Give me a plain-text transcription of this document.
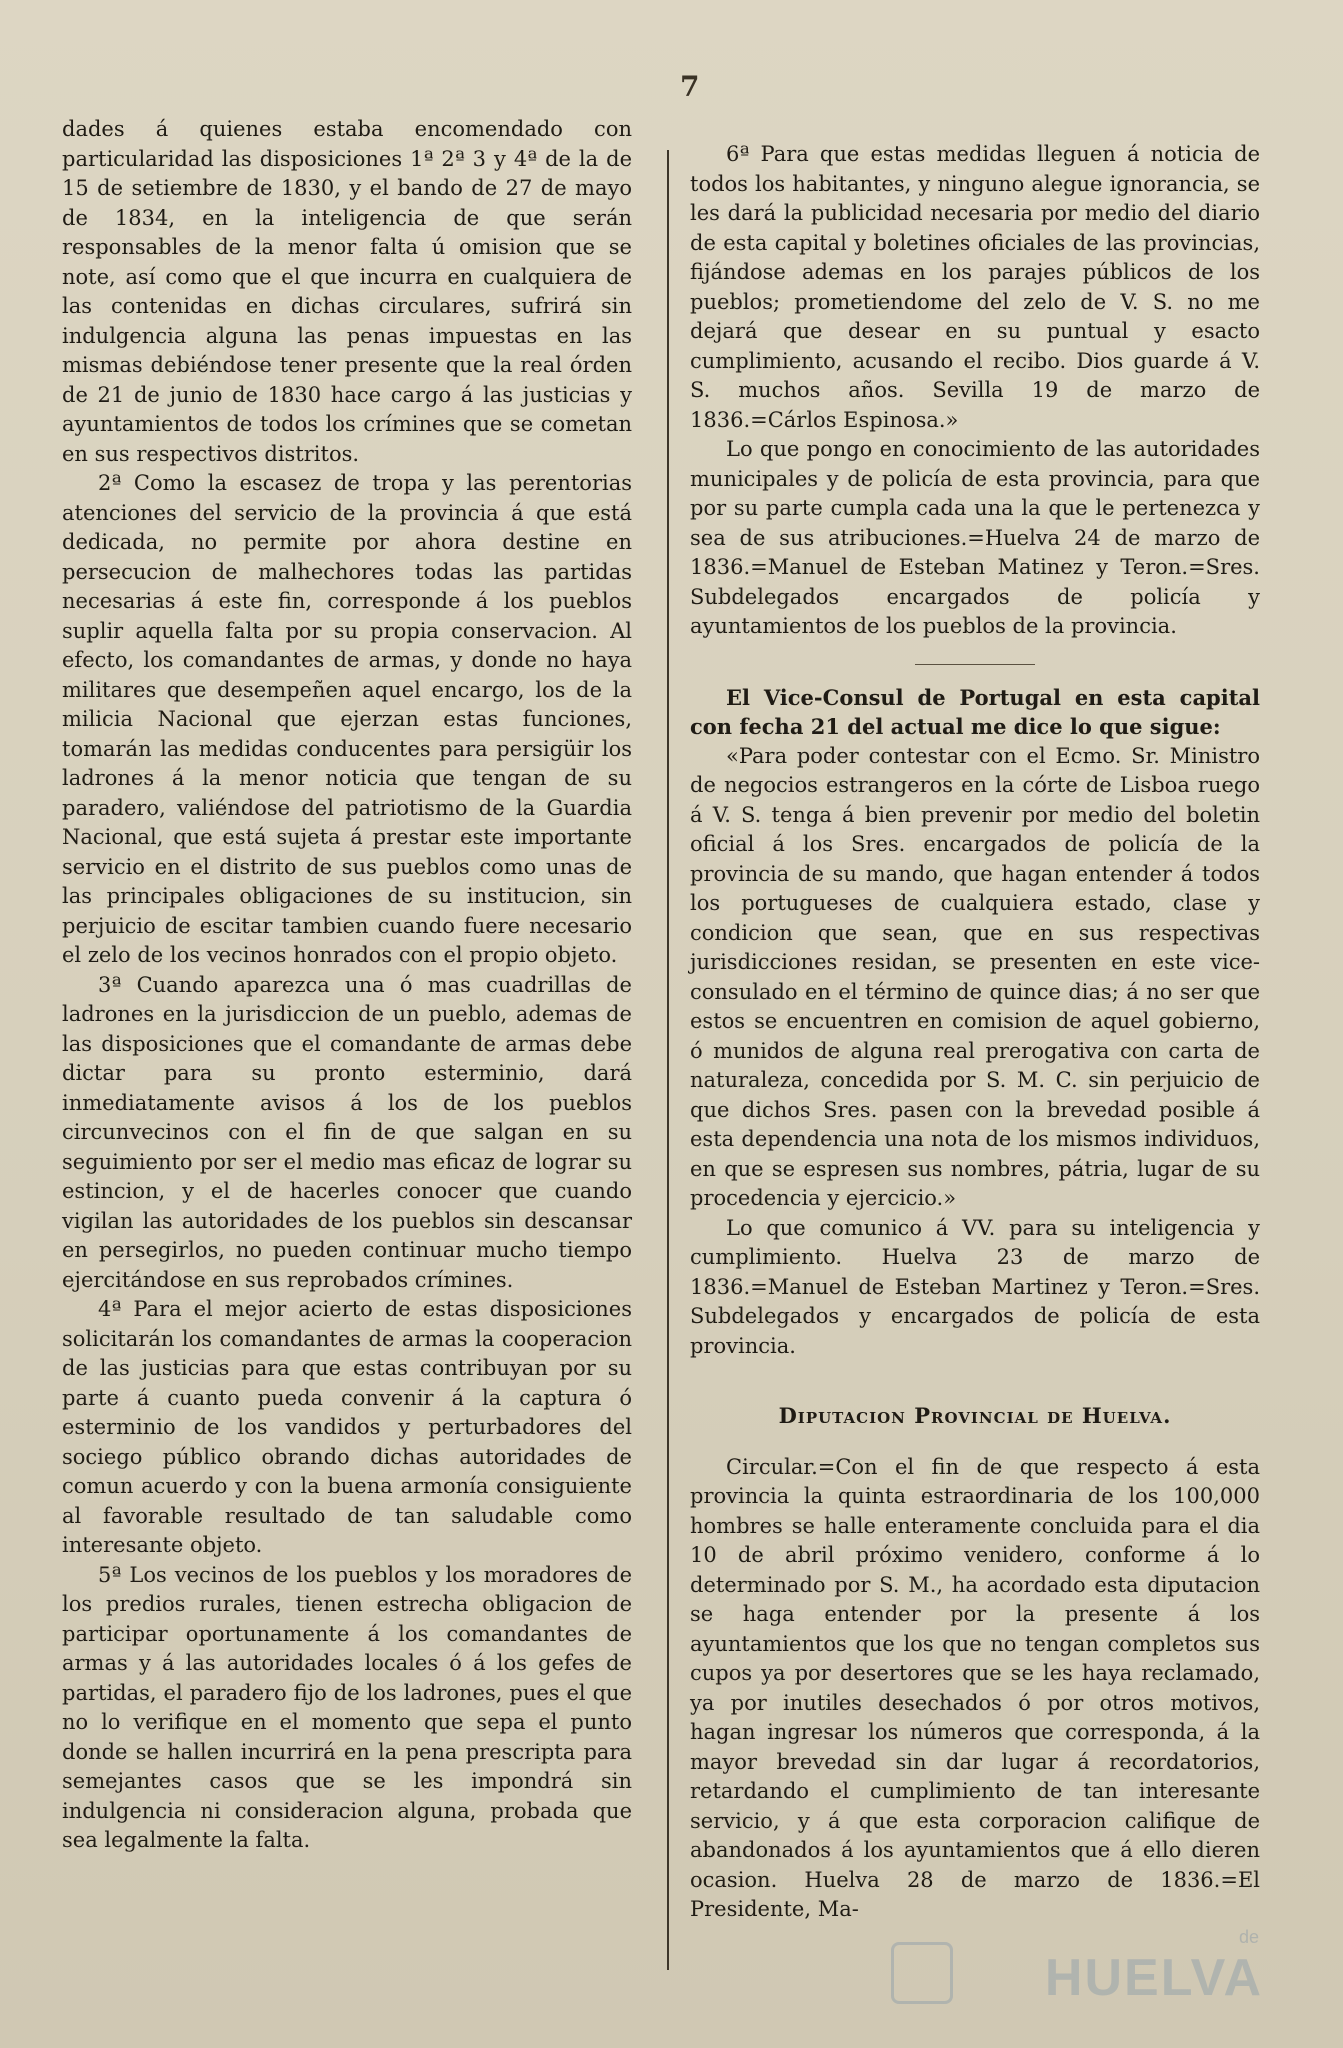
7

dades á quienes estaba encomendado con particularidad las disposiciones 1ª 2ª 3 y 4ª de la de 15 de setiembre de 1830, y el bando de 27 de mayo de 1834, en la inteligencia de que serán responsables de la menor falta ú omision que se note, así como que el que incurra en cualquiera de las contenidas en dichas circulares, sufrirá sin indulgencia alguna las penas impuestas en las mismas debiéndose tener presente que la real órden de 21 de junio de 1830 hace cargo á las justicias y ayuntamientos de todos los crímines que se cometan en sus respectivos distritos.

2ª Como la escasez de tropa y las perentorias atenciones del servicio de la provincia á que está dedicada, no permite por ahora destine en persecucion de malhechores todas las partidas necesarias á este fin, corresponde á los pueblos suplir aquella falta por su propia conservacion. Al efecto, los comandantes de armas, y donde no haya militares que desempeñen aquel encargo, los de la milicia Nacional que ejerzan estas funciones, tomarán las medidas conducentes para persigüir los ladrones á la menor noticia que tengan de su paradero, valiéndose del patriotismo de la Guardia Nacional, que está sujeta á prestar este importante servicio en el distrito de sus pueblos como unas de las principales obligaciones de su institucion, sin perjuicio de escitar tambien cuando fuere necesario el zelo de los vecinos honrados con el propio objeto.

3ª Cuando aparezca una ó mas cuadrillas de ladrones en la jurisdiccion de un pueblo, ademas de las disposiciones que el comandante de armas debe dictar para su pronto esterminio, dará inmediatamente avisos á los de los pueblos circunvecinos con el fin de que salgan en su seguimiento por ser el medio mas eficaz de lograr su estincion, y el de hacerles conocer que cuando vigilan las autoridades de los pueblos sin descansar en persegirlos, no pueden continuar mucho tiempo ejercitándose en sus reprobados crímines.

4ª Para el mejor acierto de estas disposiciones solicitarán los comandantes de armas la cooperacion de las justicias para que estas contribuyan por su parte á cuanto pueda convenir á la captura ó esterminio de los vandidos y perturbadores del sociego público obrando dichas autoridades de comun acuerdo y con la buena armonía consiguiente al favorable resultado de tan saludable como interesante objeto.

5ª Los vecinos de los pueblos y los moradores de los predios rurales, tienen estrecha obligacion de participar oportunamente á los comandantes de armas y á las autoridades locales ó á los gefes de partidas, el paradero fijo de los ladrones, pues el que no lo verifique en el momento que sepa el punto donde se hallen incurrirá en la pena prescripta para semejantes casos que se les impondrá sin indulgencia ni consideracion alguna, probada que sea legalmente la falta.

6ª Para que estas medidas lleguen á noticia de todos los habitantes, y ninguno alegue ignorancia, se les dará la publicidad necesaria por medio del diario de esta capital y boletines oficiales de las provincias, fijándose ademas en los parajes públicos de los pueblos; prometiendome del zelo de V. S. no me dejará que desear en su puntual y esacto cumplimiento, acusando el recibo. Dios guarde á V. S. muchos años. Sevilla 19 de marzo de 1836.=Cárlos Espinosa.»

Lo que pongo en conocimiento de las autoridades municipales y de policía de esta provincia, para que por su parte cumpla cada una la que le pertenezca y sea de sus atribuciones.=Huelva 24 de marzo de 1836.=Manuel de Esteban Matinez y Teron.=Sres. Subdelegados encargados de policía y ayuntamientos de los pueblos de la provincia.

El Vice-Consul de Portugal en esta capital con fecha 21 del actual me dice lo que sigue:

«Para poder contestar con el Ecmo. Sr. Ministro de negocios estrangeros en la córte de Lisboa ruego á V. S. tenga á bien prevenir por medio del boletin oficial á los Sres. encargados de policía de la provincia de su mando, que hagan entender á todos los portugueses de cualquiera estado, clase y condicion que sean, que en sus respectivas jurisdicciones residan, se presenten en este vice-consulado en el término de quince dias; á no ser que estos se encuentren en comision de aquel gobierno, ó munidos de alguna real prerogativa con carta de naturaleza, concedida por S. M. C. sin perjuicio de que dichos Sres. pasen con la brevedad posible á esta dependencia una nota de los mismos individuos, en que se espresen sus nombres, pátria, lugar de su procedencia y ejercicio.»

Lo que comunico á VV. para su inteligencia y cumplimiento. Huelva 23 de marzo de 1836.=Manuel de Esteban Martinez y Teron.=Sres. Subdelegados y encargados de policía de esta provincia.

Diputacion Provincial de Huelva.

Circular.=Con el fin de que respecto á esta provincia la quinta estraordinaria de los 100,000 hombres se halle enteramente concluida para el dia 10 de abril próximo venidero, conforme á lo determinado por S. M., ha acordado esta diputacion se haga entender por la presente á los ayuntamientos que los que no tengan completos sus cupos ya por desertores que se les haya reclamado, ya por inutiles desechados ó por otros motivos, hagan ingresar los números que corresponda, á la mayor brevedad sin dar lugar á recordatorios, retardando el cumplimiento de tan interesante servicio, y á que esta corporacion califique de abandonados á los ayuntamientos que á ello dieren ocasion. Huelva 28 de marzo de 1836.=El Presidente, Ma-

de
HUELVA
